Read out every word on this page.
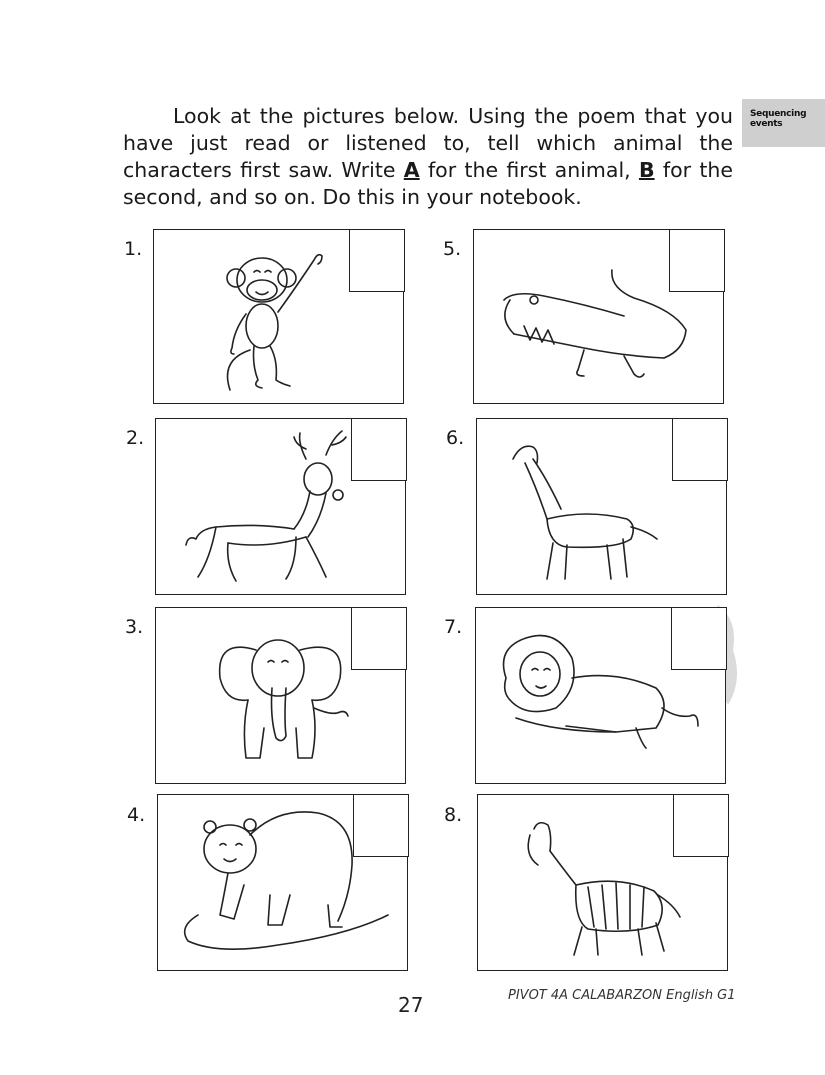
Sequencing
events

Look at the pictures below. Using the poem that you have just read or listened to, tell which animal the characters first saw. Write A for the first animal, B for the second, and so on. Do this in your notebook.

1.
2.
3.
4.
5.
6.
7.
8.
27	PIVOT 4A CALABARZON English G1
